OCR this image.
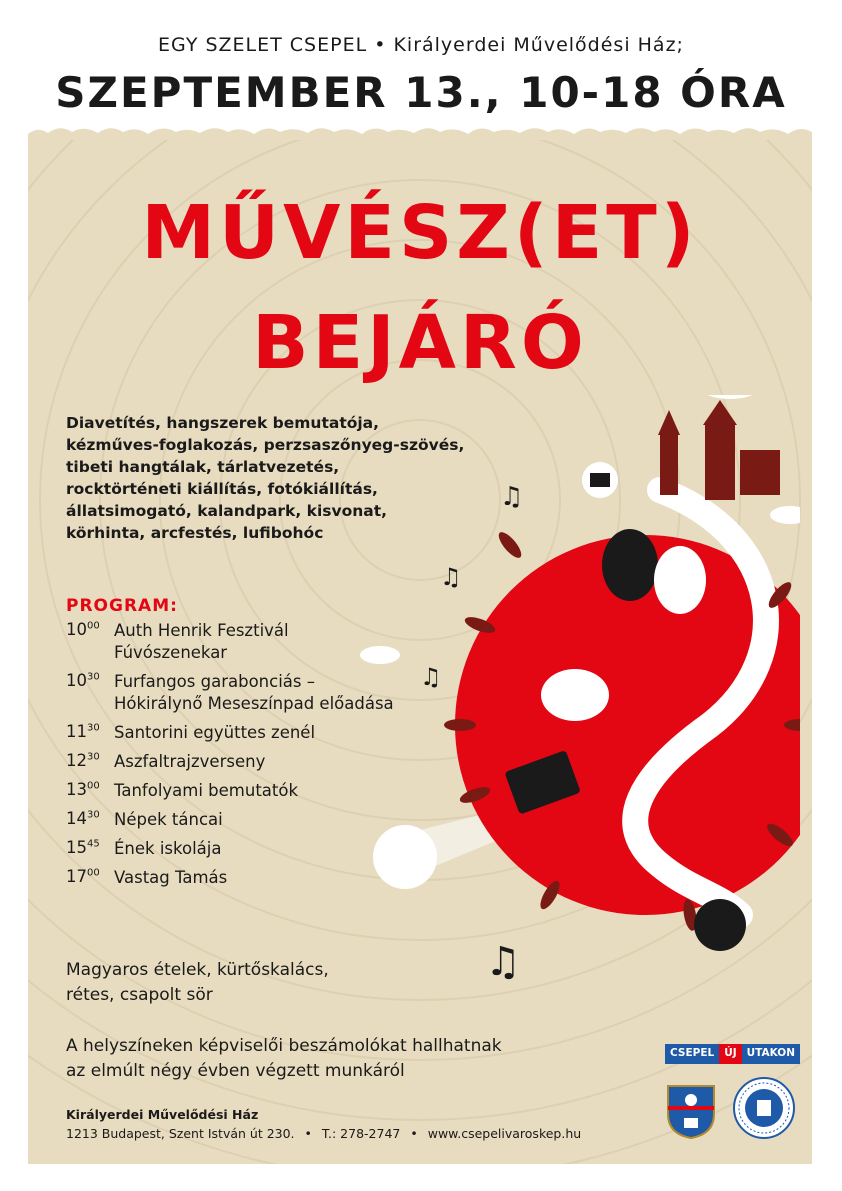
EGY SZELET CSEPEL • Királyerdei Művelődési Ház;
SZEPTEMBER 13., 10-18 ÓRA
MŰVÉSZ(ET)
BEJÁRÓ
Diavetítés, hangszerek bemutatója,
kézműves-foglakozás, perzsaszőnyeg-szövés,
tibeti hangtálak, tárlatvezetés,
rocktörténeti kiállítás, fotókiállítás,
állatsimogató, kalandpark, kisvonat,
körhinta, arcfestés, lufibohóc
PROGRAM:
$10^{00}$ Auth Henrik Fesztivál Fúvószenekar
$10^{30}$ Furfangos garabonciás – Hókirálynő Meseszínpad előadása
$11^{30}$ Santorini együttes zenél
$12^{30}$ Aszfaltrajzverseny
$13^{00}$ Tanfolyami bemutatók
$14^{30}$ Népek táncai
$15^{45}$ Ének iskolája
$17^{00}$ Vastag Tamás
Magyaros ételek, kürtőskalács,
rétes, csapolt sör
A helyszíneken képviselői beszámolókat hallhatnak
az elmúlt négy évben végzett munkáról
Királyerdei Művelődési Ház
1213 Budapest, Szent István út 230. • T.: 278-2747 • www.csepelivaroskep.hu
♫
♫
♫
♫
CSEPEL ÚJ UTAKON
